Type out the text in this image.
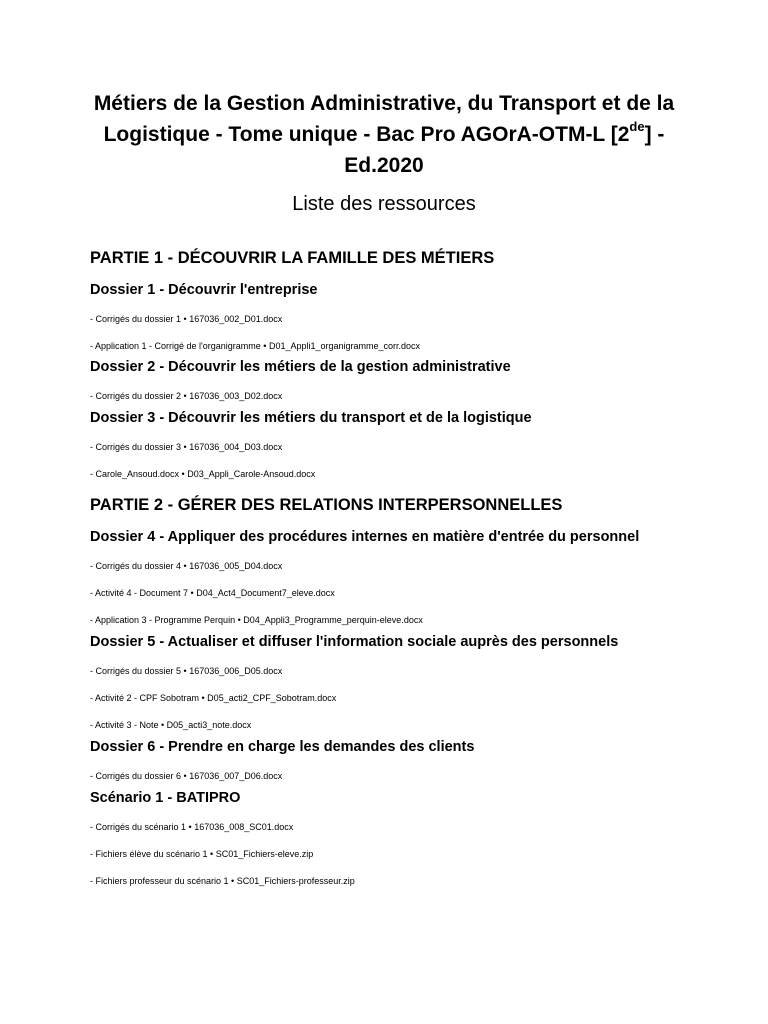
Métiers de la Gestion Administrative, du Transport et de la
Logistique - Tome unique - Bac Pro AGOrA-OTM-L [2de] -
Ed.2020
Liste des ressources
PARTIE 1 - DÉCOUVRIR LA FAMILLE DES MÉTIERS
Dossier 1 - Découvrir l'entreprise
- Corrigés du dossier 1 • 167036_002_D01.docx
- Application 1 - Corrigé de l'organigramme • D01_Appli1_organigramme_corr.docx
Dossier 2 - Découvrir les métiers de la gestion administrative
- Corrigés du dossier 2 • 167036_003_D02.docx
Dossier 3 - Découvrir les métiers du transport et de la logistique
- Corrigés du dossier 3 • 167036_004_D03.docx
- Carole_Ansoud.docx • D03_Appli_Carole-Ansoud.docx
PARTIE 2 - GÉRER DES RELATIONS INTERPERSONNELLES
Dossier 4 - Appliquer des procédures internes en matière d'entrée du personnel
- Corrigés du dossier 4 • 167036_005_D04.docx
- Activité 4 - Document 7 • D04_Act4_Document7_eleve.docx
- Application 3 - Programme Perquin • D04_Appli3_Programme_perquin-eleve.docx
Dossier 5 - Actualiser et diffuser l'information sociale auprès des personnels
- Corrigés du dossier 5 • 167036_006_D05.docx
- Activité 2 - CPF Sobotram • D05_acti2_CPF_Sobotram.docx
- Activité 3 - Note • D05_acti3_note.docx
Dossier 6 - Prendre en charge les demandes des clients
- Corrigés du dossier 6 • 167036_007_D06.docx
Scénario 1 - BATIPRO
- Corrigés du scénario 1 • 167036_008_SC01.docx
- Fichiers élève du scénario 1 • SC01_Fichiers-eleve.zip
- Fichiers professeur du scénario 1 • SC01_Fichiers-professeur.zip
